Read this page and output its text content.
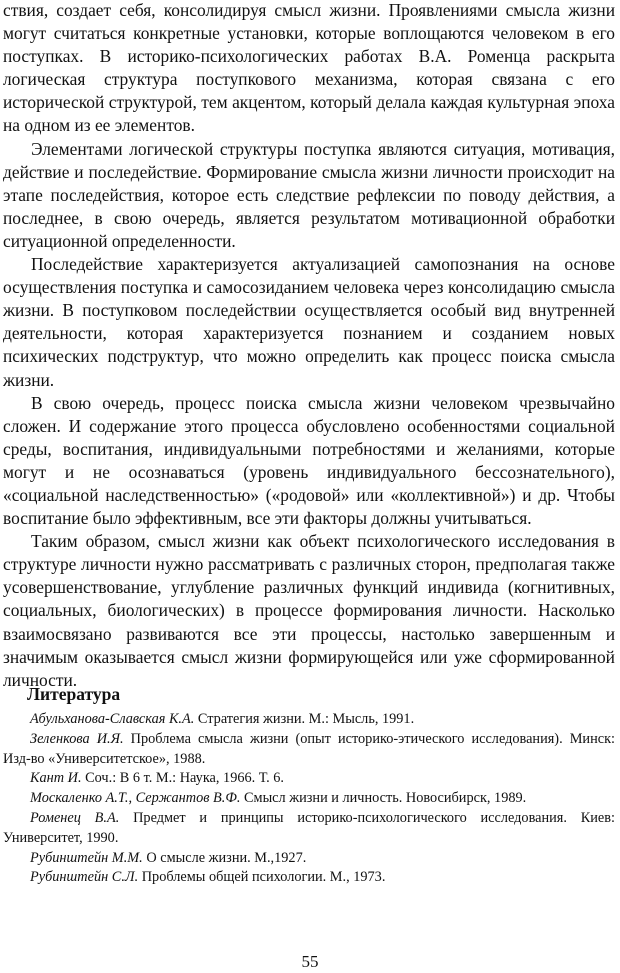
ствия, создает себя, консолидируя смысл жизни. Проявлениями смысла жизни могут считаться конкретные установки, которые воплощаются человеком в его поступках. В историко-психологических работах В.А. Роменца раскрыта логическая структура поступкового механизма, которая связана с его исторической структурой, тем акцентом, который делала каждая культурная эпоха на одном из ее элементов.

Элементами логической структуры поступка являются ситуация, мотивация, действие и последействие. Формирование смысла жизни личности происходит на этапе последействия, которое есть следствие рефлексии по поводу действия, а последнее, в свою очередь, является результатом мотивационной обработки ситуационной определенности.

Последействие характеризуется актуализацией самопознания на основе осуществления поступка и самосозиданием человека через консолидацию смысла жизни. В поступковом последействии осуществляется особый вид внутренней деятельности, которая характеризуется познанием и созданием новых психических подструктур, что можно определить как процесс поиска смысла жизни.

В свою очередь, процесс поиска смысла жизни человеком чрезвычайно сложен. И содержание этого процесса обусловлено особенностями социальной среды, воспитания, индивидуальными потребностями и желаниями, которые могут и не осознаваться (уровень индивидуального бессознательного), «социальной наследственностью» («родовой» или «коллективной») и др. Чтобы воспитание было эффективным, все эти факторы должны учитываться.

Таким образом, смысл жизни как объект психологического исследования в структуре личности нужно рассматривать с различных сторон, предполагая также усовершенствование, углубление различных функций индивида (когнитивных, социальных, биологических) в процессе формирования личности. Насколько взаимосвязано развиваются все эти процессы, настолько завершенным и значимым оказывается смысл жизни формирующейся или уже сформированной личности.

Литература

Абульханова-Славская К.А. Стратегия жизни. М.: Мысль, 1991.

Зеленкова И.Я. Проблема смысла жизни (опыт историко-этического исследования). Минск: Изд-во «Университетское», 1988.

Кант И. Соч.: В 6 т. М.: Наука, 1966. Т. 6.

Москаленко А.Т., Сержантов В.Ф. Смысл жизни и личность. Новосибирск, 1989.

Роменец В.А. Предмет и принципы историко-психологического исследования. Киев: Университет, 1990.

Рубинштейн М.М. О смысле жизни. М.,1927.

Рубинштейн С.Л. Проблемы общей психологии. М., 1973.

55
